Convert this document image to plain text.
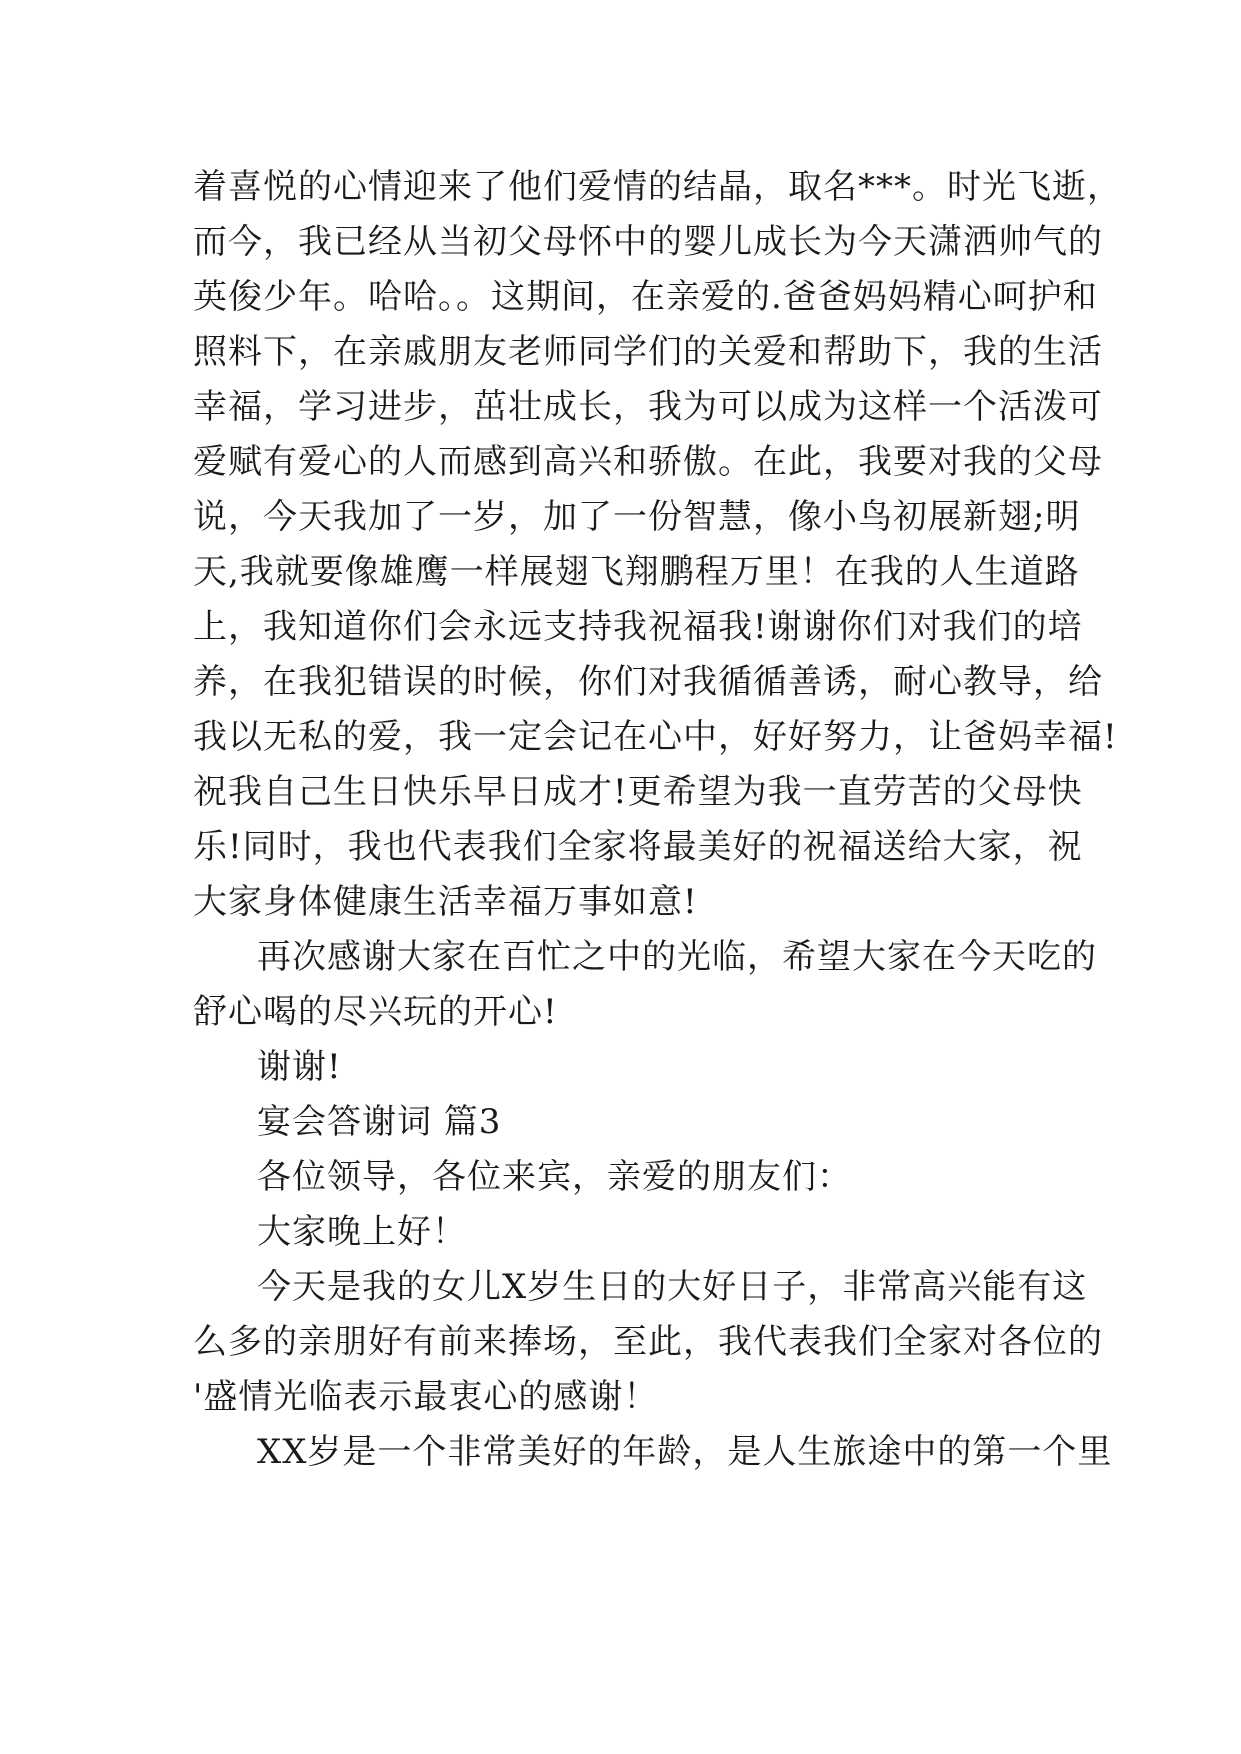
着喜悦的心情迎来了他们爱情的结晶，取名***。时光飞逝，
而今，我已经从当初父母怀中的婴儿成长为今天潇洒帅气的
英俊少年。哈哈。。这期间，在亲爱的.爸爸妈妈精心呵护和
照料下，在亲戚朋友老师同学们的关爱和帮助下，我的生活
幸福，学习进步，茁壮成长，我为可以成为这样一个活泼可
爱赋有爱心的人而感到高兴和骄傲。在此，我要对我的父母
说，今天我加了一岁，加了一份智慧，像小鸟初展新翅;明
天,我就要像雄鹰一样展翅飞翔鹏程万里！在我的人生道路
上，我知道你们会永远支持我祝福我!谢谢你们对我们的培
养，在我犯错误的时候，你们对我循循善诱，耐心教导，给
我以无私的爱，我一定会记在心中，好好努力，让爸妈幸福!
祝我自己生日快乐早日成才!更希望为我一直劳苦的父母快
乐!同时，我也代表我们全家将最美好的祝福送给大家，祝
大家身体健康生活幸福万事如意!
再次感谢大家在百忙之中的光临，希望大家在今天吃的
舒心喝的尽兴玩的开心!
谢谢!
宴会答谢词 篇3
各位领导，各位来宾，亲爱的朋友们：
大家晚上好！
今天是我的女儿X岁生日的大好日子，非常高兴能有这
么多的亲朋好有前来捧场，至此，我代表我们全家对各位的
'盛情光临表示最衷心的感谢！
XX岁是一个非常美好的年龄，是人生旅途中的第一个里
